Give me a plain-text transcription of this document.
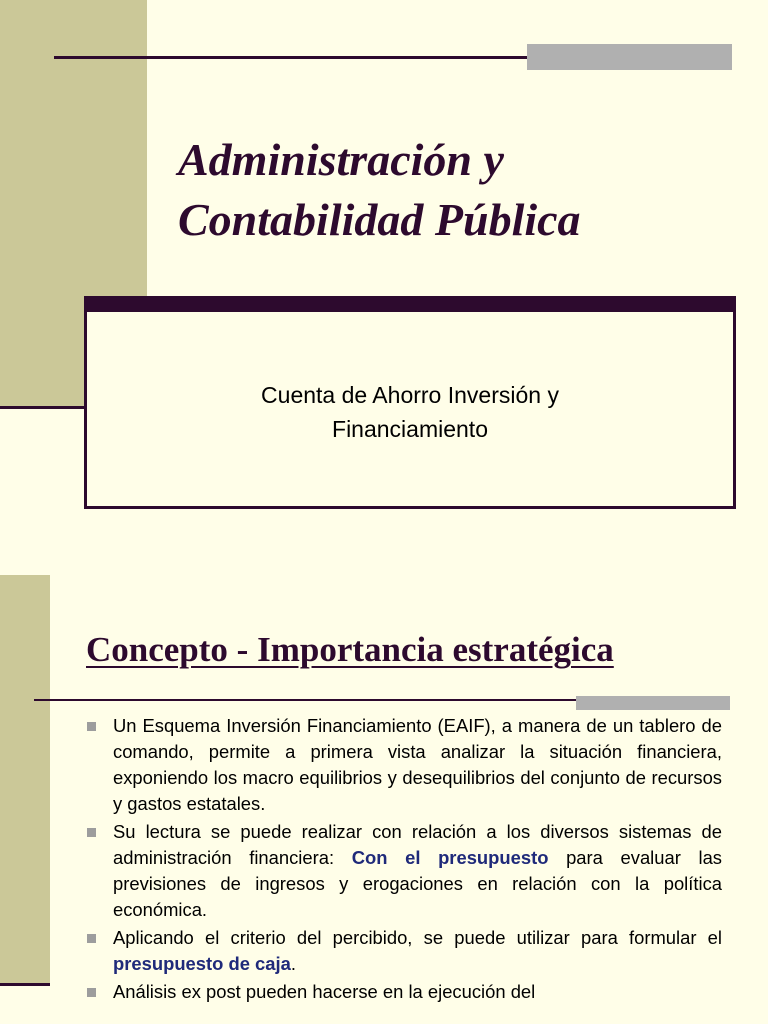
Administración y
Contabilidad Pública
Cuenta de Ahorro Inversión y
Financiamiento
Concepto - Importancia estratégica
Un Esquema Inversión Financiamiento (EAIF), a manera de un tablero de comando, permite a primera vista analizar la situación financiera, exponiendo los macro equilibrios y desequilibrios del conjunto de recursos y gastos estatales.
Su lectura se puede realizar con relación a los diversos sistemas de administración financiera: Con el presupuesto para evaluar las previsiones de ingresos y erogaciones en relación con la política económica.
Aplicando el criterio del percibido, se puede utilizar para formular el presupuesto de caja.
Análisis ex post pueden hacerse en la ejecución del
